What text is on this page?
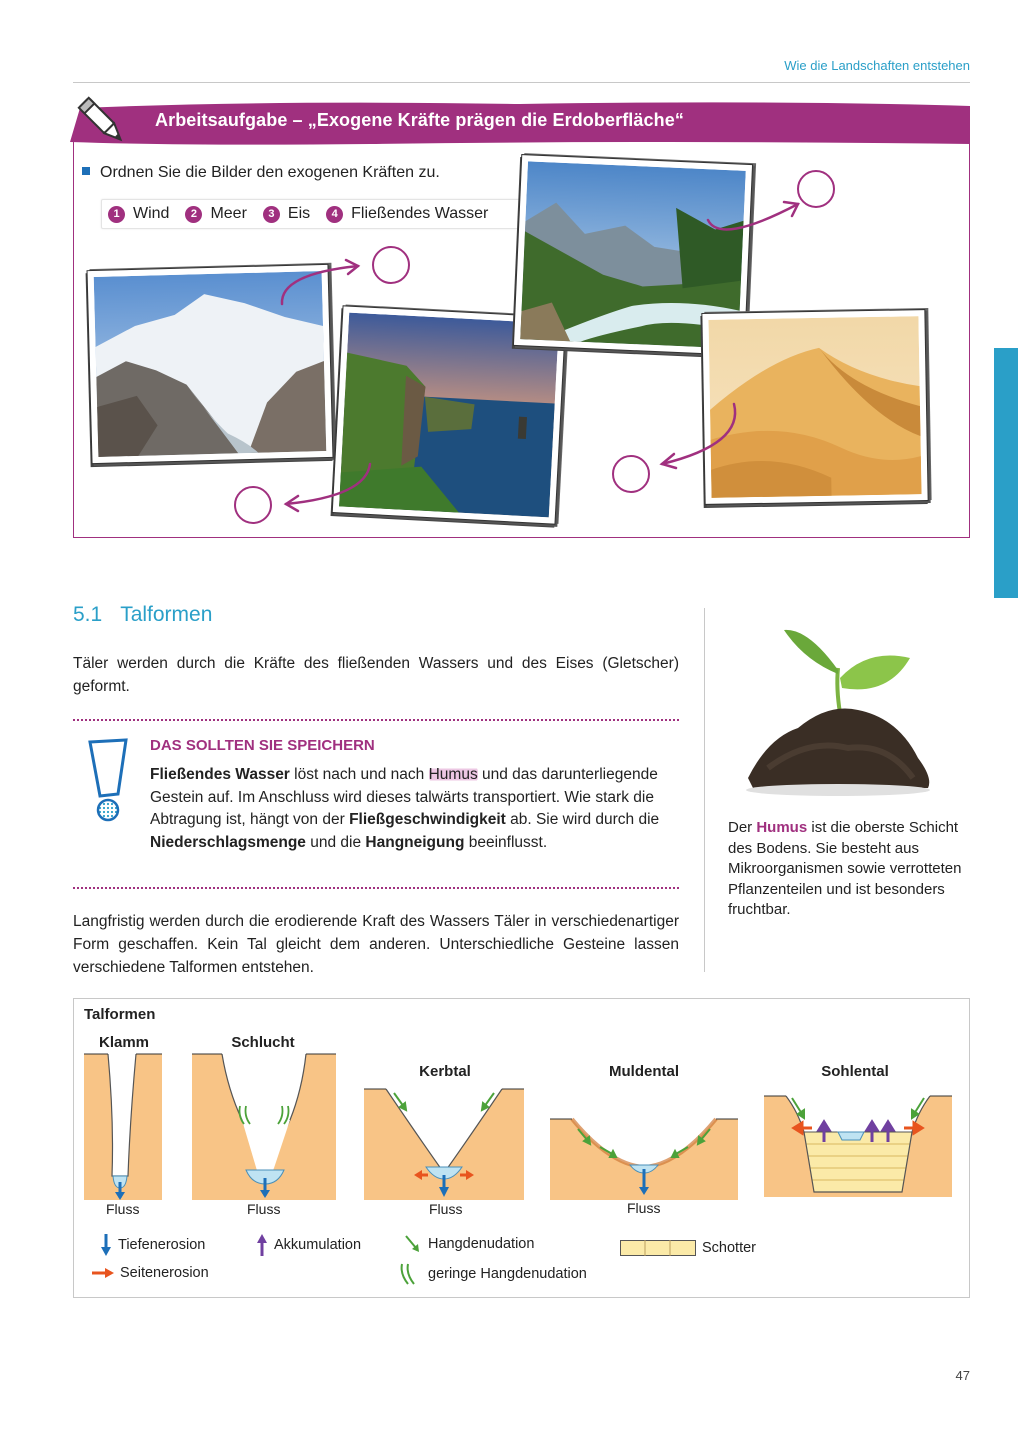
Wie die Landschaften entstehen
Arbeitsaufgabe – „Exogene Kräfte prägen die Erdoberfläche“
Ordnen Sie die Bilder den exogenen Kräften zu.
1 Wind	2 Meer	3 Eis	4 Fließendes Wasser
5.1 Talformen
Täler werden durch die Kräfte des fließenden Wassers und des Eises (Gletscher) geformt.
DAS SOLLTEN SIE SPEICHERN
Fließendes Wasser löst nach und nach Humus und das darunterliegende Gestein auf. Im Anschluss wird dieses talwärts transportiert. Wie stark die Abtragung ist, hängt von der Fließgeschwindigkeit ab. Sie wird durch die Niederschlagsmenge und die Hangneigung beeinflusst.
Langfristig werden durch die erodierende Kraft des Wassers Täler in verschiedenartiger Form geschaffen. Kein Tal gleicht dem anderen. Unterschiedliche Gesteine lassen verschiedene Talformen entstehen.
Der Humus ist die oberste Schicht des Bodens. Sie besteht aus Mikroorganismen sowie verrotteten Pflanzenteilen und ist besonders fruchtbar.
Talformen
Klamm	Schlucht
Kerbtal	Muldental	Sohlental
Fluss	Fluss	Fluss	Fluss
Tiefenerosion
Seitenerosion
Akkumulation	Hangdenudation
geringe Hangdenudation
Schotter
47
